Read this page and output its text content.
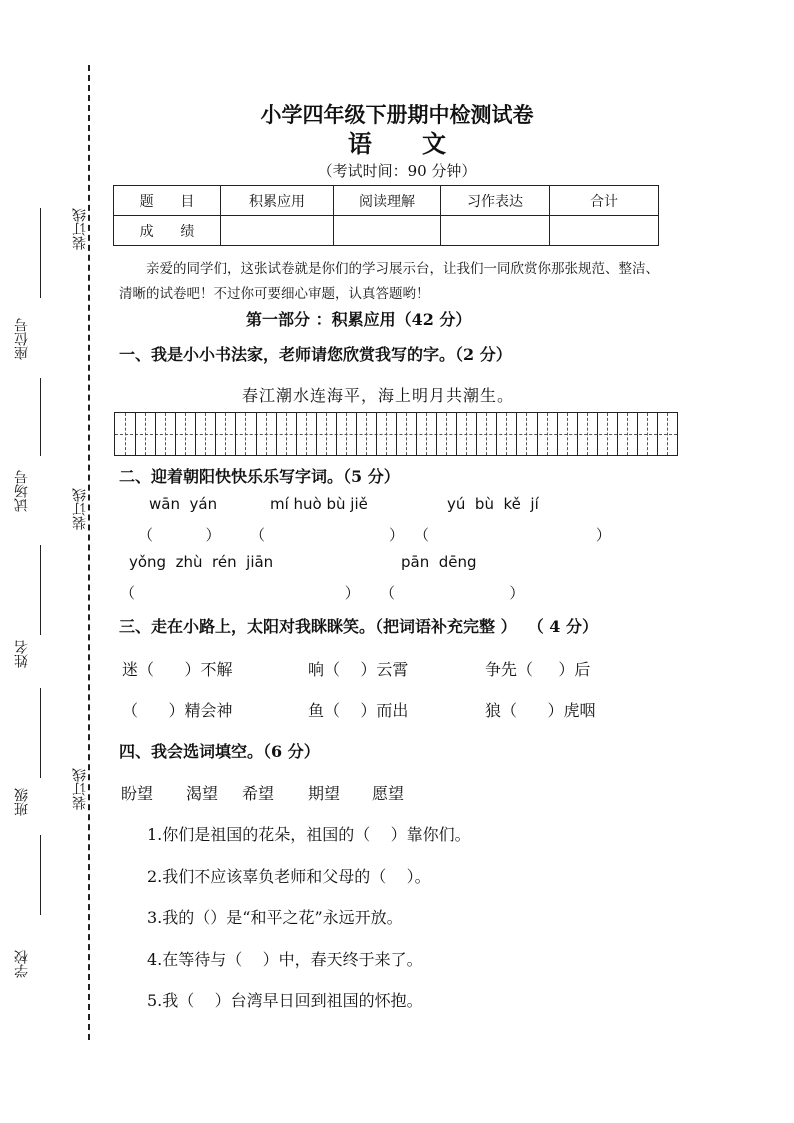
座位号
试场号
姓名
班级
学校
装订线
装订线
装订线
小学四年级下册期中检测试卷
语      文
（考试时间：90 分钟）
题      目	积累应用	阅读理解	习作表达	合计
成      绩				
亲爱的同学们，这张试卷就是你们的学习展示台，让我们一同欣赏你那张规范、整洁、
清晰的试卷吧！不过你可要细心审题，认真答题哟！
第一部分 ：积累应用（42 分）
一、我是小小书法家，老师请您欣赏我写的字。（2 分）
春江潮水连海平，海上明月共潮生。
二、迎着朝阳快快乐乐写字词。（5 分）
wān  yán	mí huò bù jiě	yú  bù  kě  jí
（           ） （                          ） （                                   ）
yǒng  zhù  rén  jiān	pān  dēng
（                                            ） （                        ）
三、走在小路上，太阳对我眯眯笑。（把词语补充完整 ）  （ 4 分）
迷（      ）不解	响（    ）云霄	争先（     ）后
（      ）精会神	鱼（    ）而出	狼（      ）虎咽
四、我会选词填空。（6 分）
盼望 渴望 希望 期望 愿望
1.你们是祖国的花朵，祖国的（    ）靠你们。
2.我们不应该辜负老师和父母的（    ）。
3.我的（）是“和平之花”永远开放。
4.在等待与（    ）中，春天终于来了。
5.我（    ）台湾早日回到祖国的怀抱。
